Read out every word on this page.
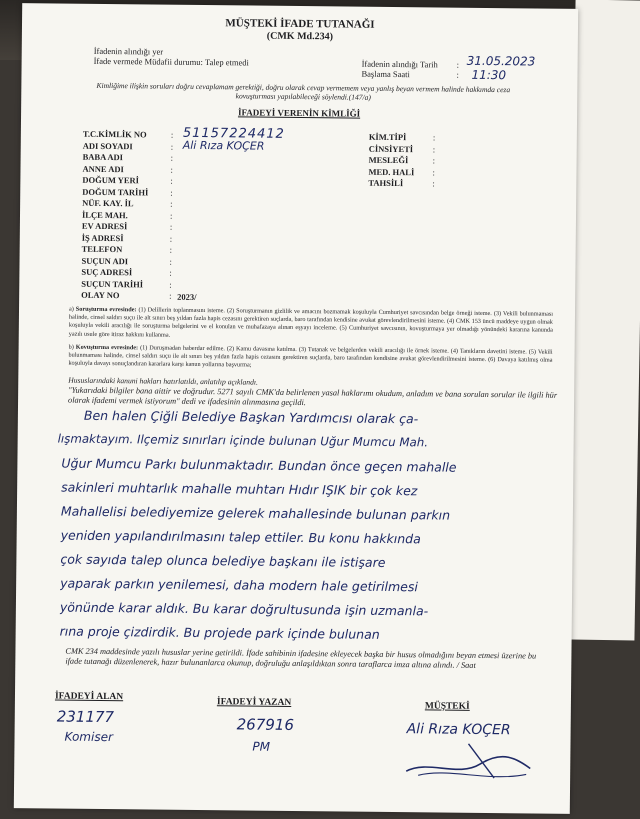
MÜŞTEKİ İFADE TUTANAĞI
(CMK Md.234)
İfadenin alındığı yer
İfade vermede Müdafii durumu: Talep etmedi	İfadenin alındığı Tarih : 31.05.2023
Başlama Saati	: 11:30
Kimliğime ilişkin soruları doğru cevaplamam gerektiği, doğru olarak cevap vermemem veya yanlış beyan vermem halinde hakkımda ceza kovuşturması yapılabileceği söylendi.(147/a)
İFADEYİ VERENİN KİMLİĞİ
T.C.KİMLİK NO
ADI SOYADI
BABA ADI
ANNE ADI
DOĞUM YERİ
DOĞUM TARİHİ
NÜF. KAY. İL
İLÇE MAH.
EV ADRESİ
İŞ ADRESİ
TELEFON
SUÇUN ADI
SUÇ ADRESİ
SUÇUN TARİHİ
OLAY NO
:
:
:
:
:
:
:
:
:
:
:
:
:
:
:
51157224412
Ali Rıza KOÇER
2023/
KİM.TİPİ
CİNSİYETİ
MESLEĞİ
MED. HALİ
TAHSİLİ
:
:
:
:
:
a) Soruşturma evresinde: (1) Delillerin toplanmasını isteme. (2) Soruşturmanın gizlilik ve amacını bozmamak koşuluyla Cumhuriyet savcısından belge örneği isteme. (3) Vekili bulunmaması halinde, cinsel saldırı suçu ile alt sınırı beş yıldan fazla hapis cezasını gerektiren suçlarda, baro tarafından kendisine avukat görevlendirilmesini isteme. (4) CMK 153 üncü maddeye uygun olmak koşuluyla vekili aracılığı ile soruşturma belgelerini ve el konulan ve muhafazaya alınan eşyayı inceleme. (5) Cumhuriyet savcısının, kovuşturmaya yer olmadığı yönündeki kararına kanunda yazılı usule göre itiraz hakkını kullanma.
b) Kovuşturma evresinde: (1) Duruşmadan haberdar edilme. (2) Kamu davasına katılma. (3) Tutanak ve belgelerden vekili aracılığı ile örnek isteme. (4) Tanıkların davetini isteme. (5) Vekili bulunmaması halinde, cinsel saldırı suçu ile alt sınırı beş yıldan fazla hapis cezasını gerektiren suçlarda, baro tarafından kendisine avukat görevlendirilmesini isteme. (6) Davaya katılmış olma koşuluyla davayı sonuçlandıran kararlara karşı kanun yollarına başvurma;
Hususlarındaki kanuni hakları hatırlatıldı, anlatılıp açıklandı.
"Yukarıdaki bilgiler bana aittir ve doğrudur. 5271 sayılı CMK'da belirlenen yasal haklarımı okudum, anladım ve bana sorulan sorular ile ilgili hür olarak ifademi vermek istiyorum" dedi ve ifadesinin alınmasına geçildi.
Ben halen Çiğli Belediye Başkan Yardımcısı olarak ça-
lışmaktayım. Ilçemiz sınırları içinde bulunan Uğur Mumcu Mah.
Uğur Mumcu Parkı bulunmaktadır. Bundan önce geçen mahalle
sakinleri muhtarlık mahalle muhtarı Hıdır IŞIK bir çok kez
Mahallelisi belediyemize gelerek mahallesinde bulunan parkın
yeniden yapılandırılmasını talep ettiler. Bu konu hakkında
çok sayıda talep olunca belediye başkanı ile istişare
yaparak parkın yenilemesi, daha modern hale getirilmesi
yönünde karar aldık. Bu karar doğrultusunda işin uzmanla-
rına proje çizdirdik. Bu projede park içinde bulunan
CMK 234 maddesinde yazılı hususlar yerine getirildi. İfade sahibinin ifadesine ekleyecek başka bir husus olmadığını beyan etmesi üzerine bu ifade tutanağı düzenlenerek, hazır bulunanlarca okunup, doğruluğu anlaşıldıktan sonra taraflarca imza altına alındı. / Saat
İFADEYİ ALAN
231177
Komiser
İFADEYİ YAZAN
267916
PM
MÜŞTEKİ
Ali Rıza KOÇER
